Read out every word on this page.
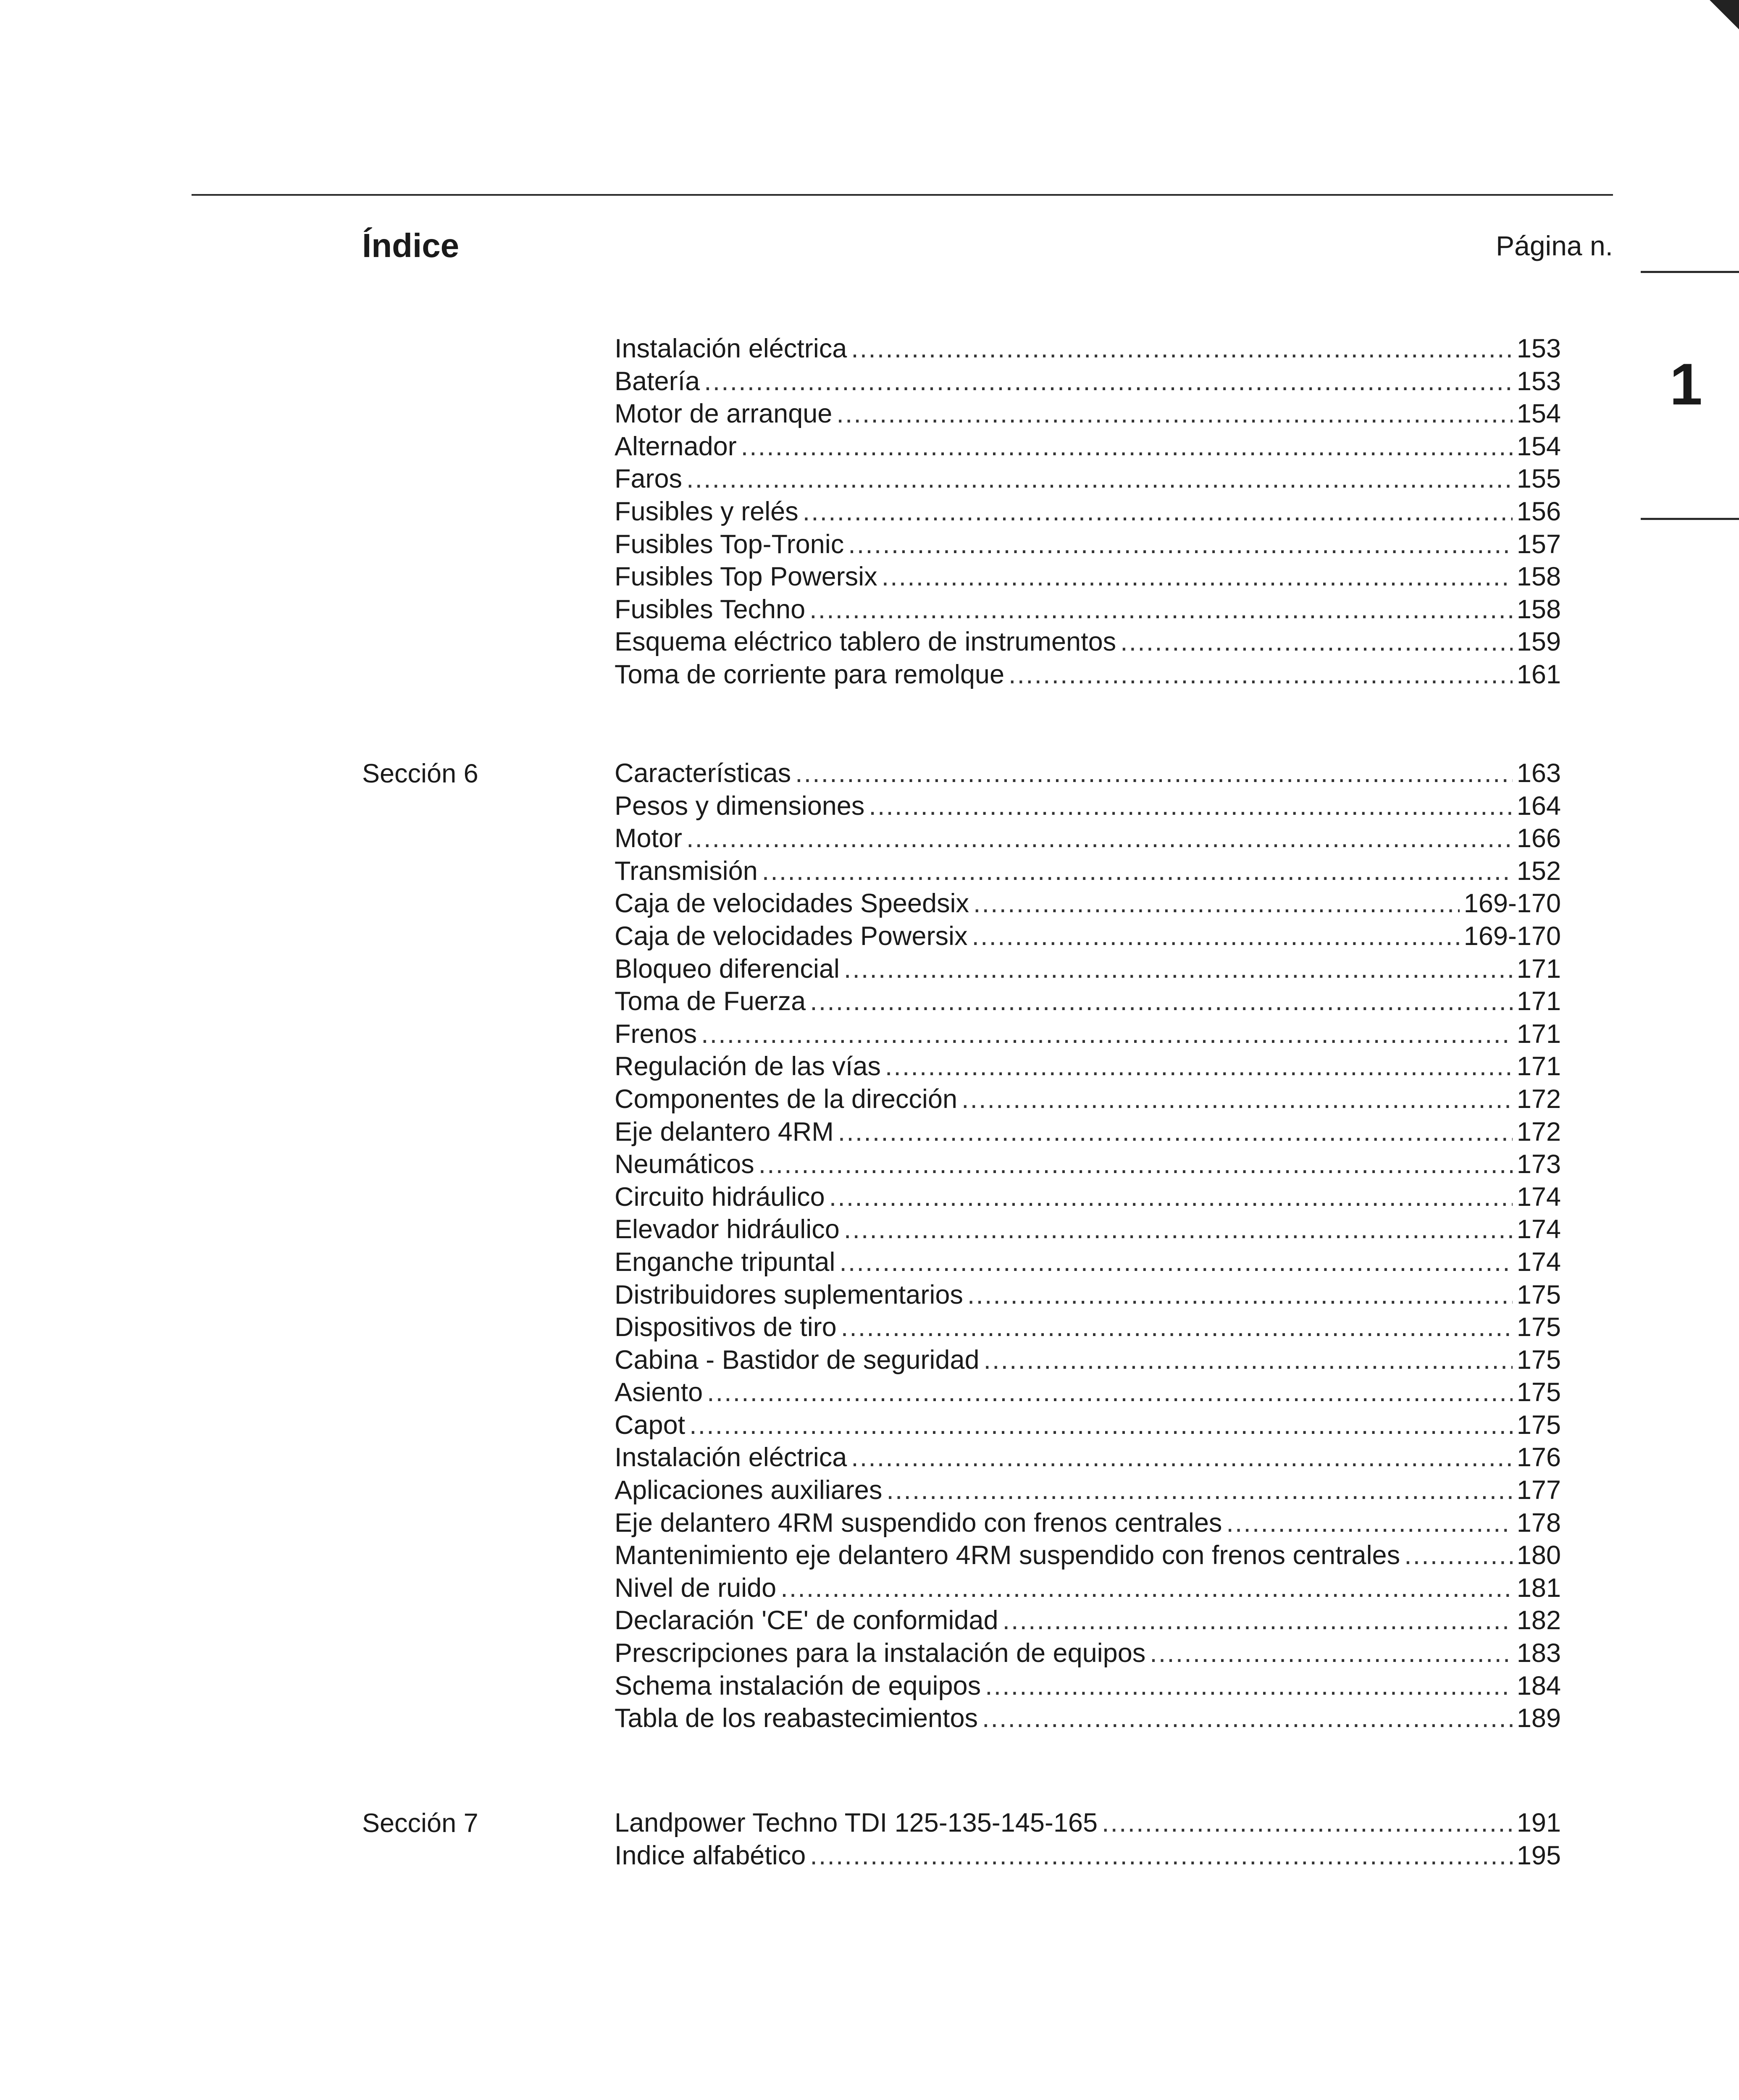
Índice	Página n.
1
Instalación eléctrica .....	153
Batería .....	153
Motor de arranque .....	154
Alternador .....	154
Faros .....	155
Fusibles y relés .....	156
Fusibles Top-Tronic .....	157
Fusibles Top Powersix .....	158
Fusibles Techno .....	158
Esquema eléctrico tablero de instrumentos .....	159
Toma de corriente para remolque .....	161
Sección 6	Características .....	163
Pesos y dimensiones .....	164
Motor .....	166
Transmisión .....	152
Caja de velocidades Speedsix .....	169-170
Caja de velocidades Powersix .....	169-170
Bloqueo diferencial .....	171
Toma de Fuerza .....	171
Frenos .....	171
Regulación de las vías .....	171
Componentes de la dirección .....	172
Eje delantero 4RM .....	172
Neumáticos .....	173
Circuito hidráulico .....	174
Elevador hidráulico .....	174
Enganche tripuntal .....	174
Distribuidores suplementarios .....	175
Dispositivos de tiro .....	175
Cabina - Bastidor de seguridad .....	175
Asiento .....	175
Capot .....	175
Instalación eléctrica .....	176
Aplicaciones auxiliares .....	177
Eje delantero 4RM suspendido con frenos centrales .....	178
Mantenimiento eje delantero 4RM suspendido con frenos centrales .....	180
Nivel de ruido .....	181
Declaración 'CE' de conformidad .....	182
Prescripciones para la instalación de equipos .....	183
Schema instalación de equipos .....	184
Tabla de los reabastecimientos .....	189
Sección 7	Landpower Techno TDI 125-135-145-165 .....	191
Indice alfabético .....	195
